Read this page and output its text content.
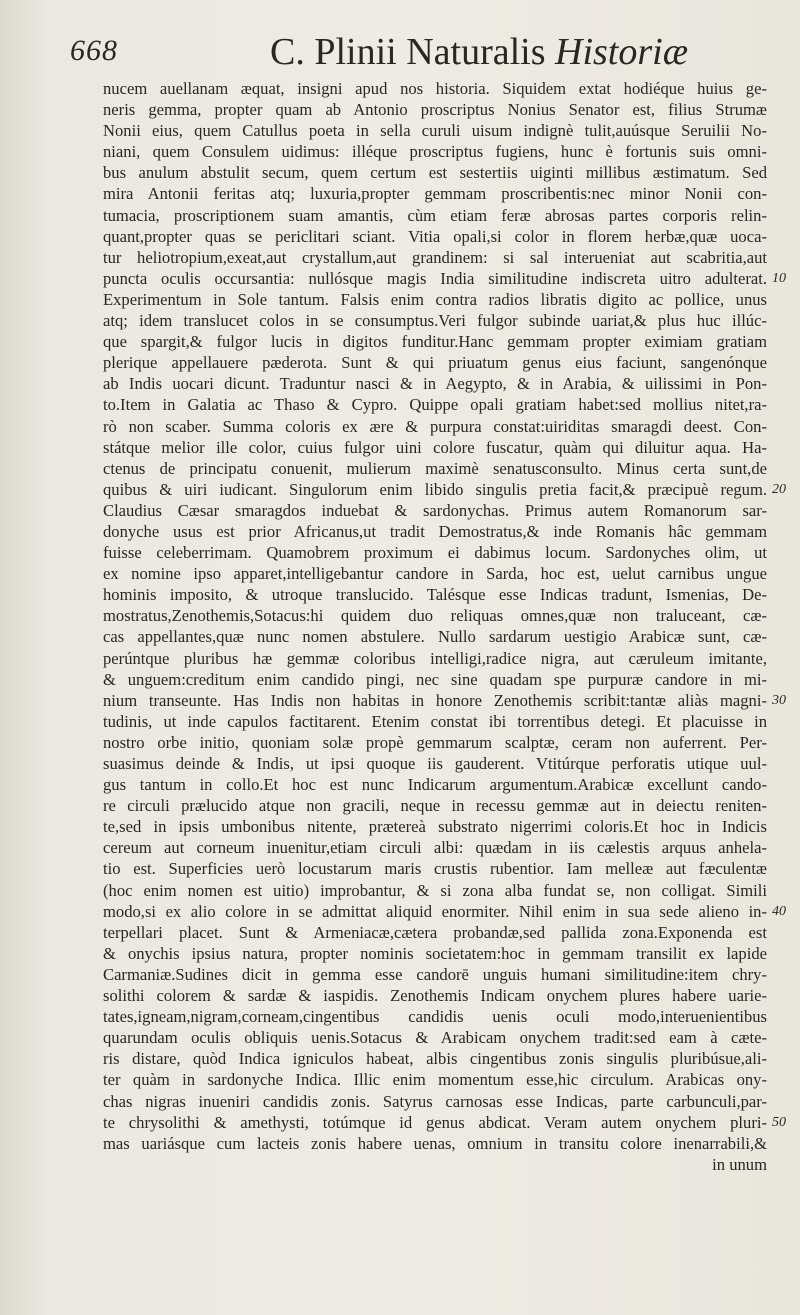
668	C. Plinii Naturalis Historiæ
nucem auellanam æquat, insigni apud nos historia. Siquidem extat hodiéque huius ge-
neris gemma, propter quam ab Antonio proscriptus Nonius Senator est, filius Strumæ
Nonii eius, quem Catullus poeta in sella curuli uisum indignè tulit,auúsque Seruilii No-
niani, quem Consulem uidimus: illéque proscriptus fugiens, hunc è fortunis suis omni-
bus anulum abstulit secum, quem certum est sestertiis uiginti millibus æstimatum. Sed
mira Antonii feritas atq; luxuria,propter gemmam proscribentis:nec minor Nonii con-
tumacia, proscriptionem suam amantis, cùm etiam feræ abrosas partes corporis relin-
quant,propter quas se periclitari sciant. Vitia opali,si color in florem herbæ,quæ uoca-
tur heliotropium,exeat,aut crystallum,aut grandinem: si sal interueniat aut scabritia,aut
puncta oculis occursantia: nullósque magis India similitudine indiscreta uitro adulterat.
Experimentum in Sole tantum. Falsis enim contra radios libratis digito ac pollice, unus
atq; idem translucet colos in se consumptus.Veri fulgor subinde uariat,& plus huc illúc-
que spargit,& fulgor lucis in digitos funditur.Hanc gemmam propter eximiam gratiam
plerique appellauere pæderota. Sunt & qui priuatum genus eius faciunt, sangenónque
ab Indis uocari dicunt. Traduntur nasci & in Aegypto, & in Arabia, & uilissimi in Pon-
to.Item in Galatia ac Thaso & Cypro. Quippe opali gratiam habet:sed mollius nitet,ra-
rò non scaber. Summa coloris ex ære & purpura constat:uiriditas smaragdi deest. Con-
státque melior ille color, cuius fulgor uini colore fuscatur, quàm qui diluitur aqua. Ha-
ctenus de principatu conuenit, mulierum maximè senatusconsulto. Minus certa sunt,de
quibus & uiri iudicant. Singulorum enim libido singulis pretia facit,& præcipuè regum.
Claudius Cæsar smaragdos induebat & sardonychas. Primus autem Romanorum sar-
donyche usus est prior Africanus,ut tradit Demostratus,& inde Romanis hâc gemmam
fuisse celeberrimam. Quamobrem proximum ei dabimus locum. Sardonyches olim, ut
ex nomine ipso apparet,intelligebantur candore in Sarda, hoc est, uelut carnibus ungue
hominis imposito, & utroque translucido. Talésque esse Indicas tradunt, Ismenias, De-
mostratus,Zenothemis,Sotacus:hi quidem duo reliquas omnes,quæ non traluceant, cæ-
cas appellantes,quæ nunc nomen abstulere. Nullo sardarum uestigio Arabicæ sunt, cæ-
perúntque pluribus hæ gemmæ coloribus intelligi,radice nigra, aut cæruleum imitante,
& unguem:creditum enim candido pingi, nec sine quadam spe purpuræ candore in mi-
nium transeunte. Has Indis non habitas in honore Zenothemis scribit:tantæ aliàs magni-
tudinis, ut inde capulos factitarent. Etenim constat ibi torrentibus detegi. Et placuisse in
nostro orbe initio, quoniam solæ propè gemmarum scalptæ, ceram non auferrent. Per-
suasimus deinde & Indis, ut ipsi quoque iis gauderent. Vtitúrque perforatis utique uul-
gus tantum in collo.Et hoc est nunc Indicarum argumentum.Arabicæ excellunt cando-
re circuli prælucido atque non gracili, neque in recessu gemmæ aut in deiectu reniten-
te,sed in ipsis umbonibus nitente, prætereà substrato nigerrimi coloris.Et hoc in Indicis
cereum aut corneum inuenitur,etiam circuli albi: quædam in iis cælestis arquus anhela-
tio est. Superficies uerò locustarum maris crustis rubentior. Iam melleæ aut fæculentæ
(hoc enim nomen est uitio) improbantur, & si zona alba fundat se, non colligat. Simili
modo,si ex alio colore in se admittat aliquid enormiter. Nihil enim in sua sede alieno in-
terpellari placet. Sunt & Armeniacæ,cætera probandæ,sed pallida zona.Exponenda est
& onychis ipsius natura, propter nominis societatem:hoc in gemmam transilit ex lapide
Carmaniæ.Sudines dicit in gemma esse candorē unguis humani similitudine:item chry-
solithi colorem & sardæ & iaspidis. Zenothemis Indicam onychem plures habere uarie-
tates,igneam,nigram,corneam,cingentibus candidis uenis oculi modo,interuenientibus
quarundam oculis obliquis uenis.Sotacus & Arabicam onychem tradit:sed eam à cæte-
ris distare, quòd Indica igniculos habeat, albis cingentibus zonis singulis pluribúsue,ali-
ter quàm in sardonyche Indica. Illic enim momentum esse,hic circulum. Arabicas ony-
chas nigras inueniri candidis zonis. Satyrus carnosas esse Indicas, parte carbunculi,par-
te chrysolithi & amethysti, totúmque id genus abdicat. Veram autem onychem pluri-
mas uariásque cum lacteis zonis habere uenas, omnium in transitu colore inenarrabili,&
in unum
10
20
30
40
50
